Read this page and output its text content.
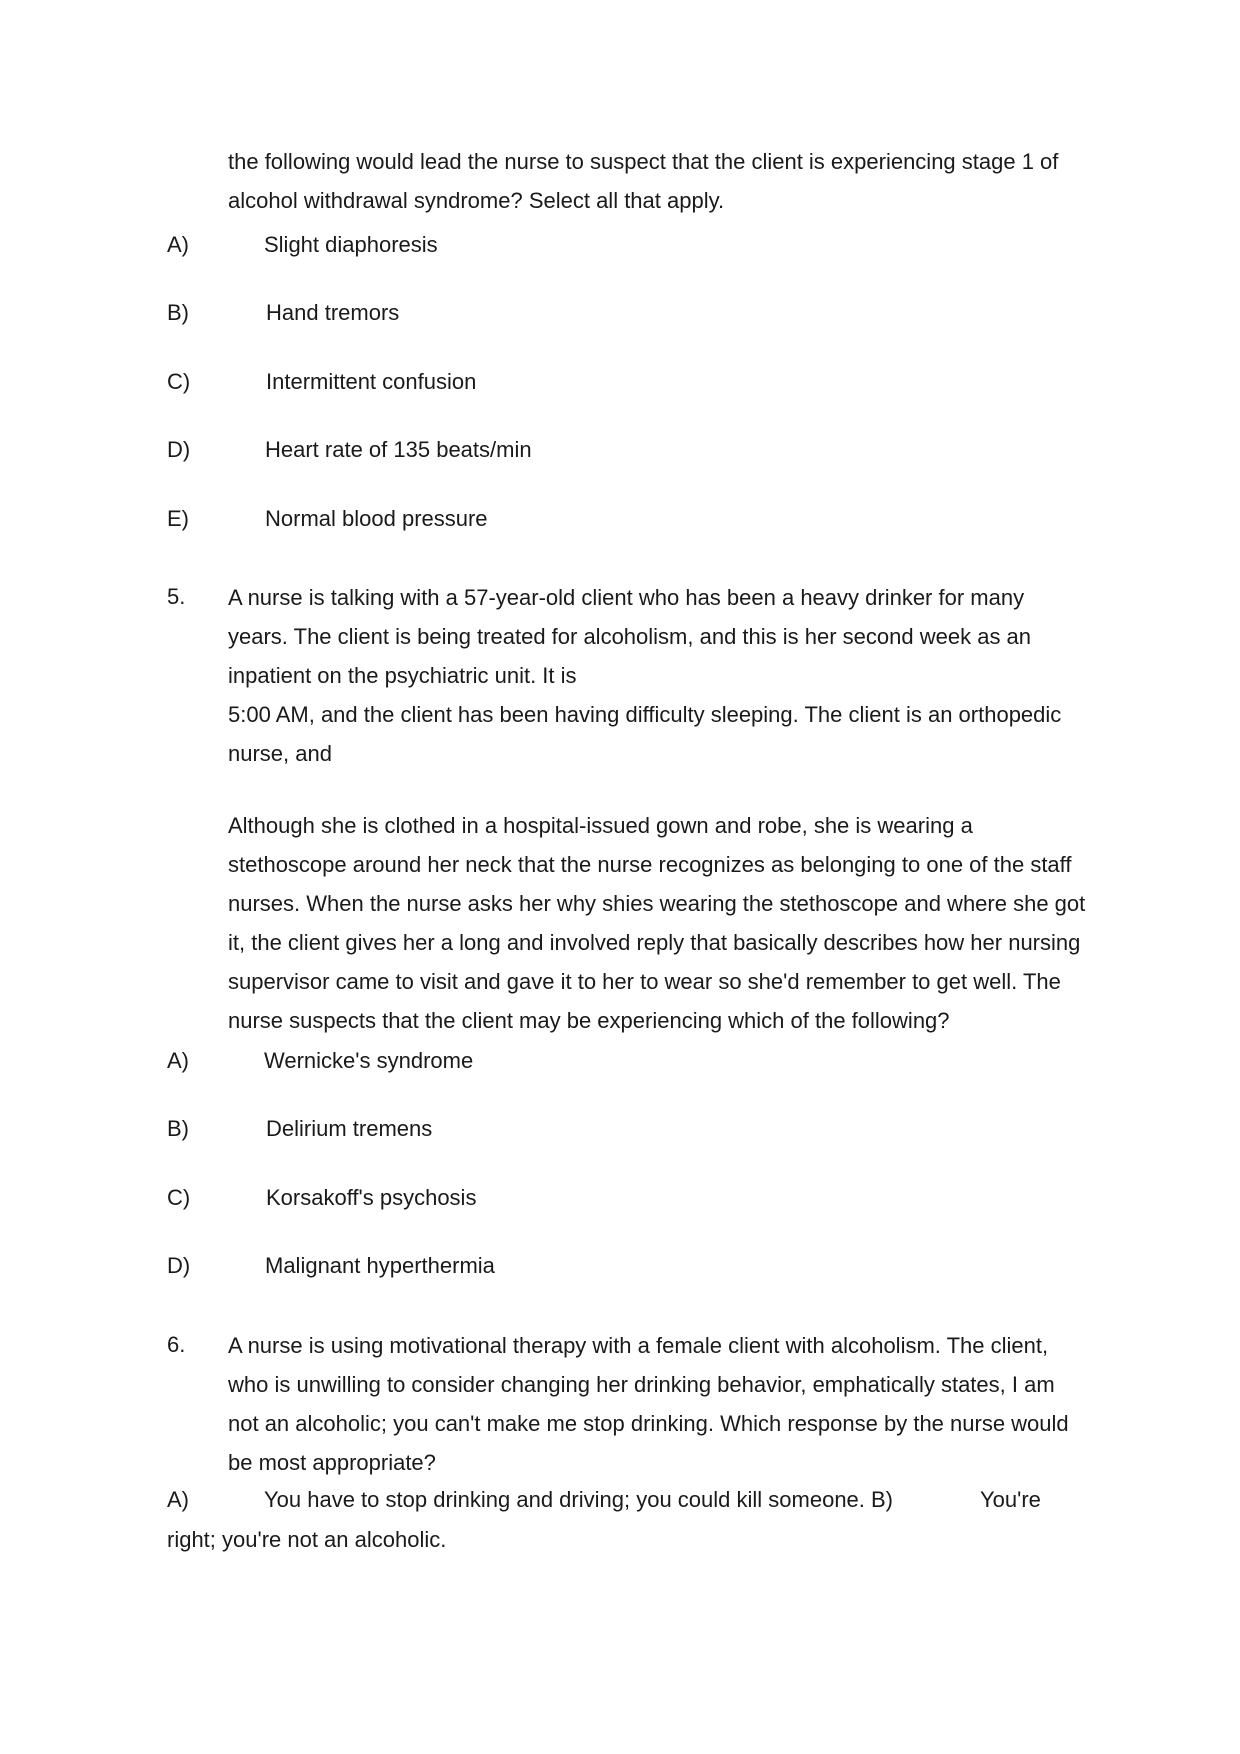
the following would lead the nurse to suspect that the client is experiencing stage 1 of

alcohol withdrawal syndrome? Select all that apply.

A)	Slight diaphoresis
B)	Hand tremors
C)	Intermittent confusion
D)	Heart rate of 135 beats/min
E)	Normal blood pressure
5. A nurse is talking with a 57-year-old client who has been a heavy drinker for many

years. The client is being treated for alcoholism, and this is her second week as an

inpatient on the psychiatric unit. It is

5:00 AM, and the client has been having difficulty sleeping. The client is an orthopedic

nurse, and

Although she is clothed in a hospital-issued gown and robe, she is wearing a

stethoscope around her neck that the nurse recognizes as belonging to one of the staff

nurses. When the nurse asks her why shies wearing the stethoscope and where she got

it, the client gives her a long and involved reply that basically describes how her nursing

supervisor came to visit and gave it to her to wear so she'd remember to get well. The

nurse suspects that the client may be experiencing which of the following?

A)	Wernicke's syndrome
B)	Delirium tremens
C)	Korsakoff's psychosis
D)	Malignant hyperthermia
6. A nurse is using motivational therapy with a female client with alcoholism. The client,

who is unwilling to consider changing her drinking behavior, emphatically states, I am

not an alcoholic; you can't make me stop drinking. Which response by the nurse would

be most appropriate?

A)	You have to stop drinking and driving; you could kill someone. B)	You're
right; you're not an alcoholic.
